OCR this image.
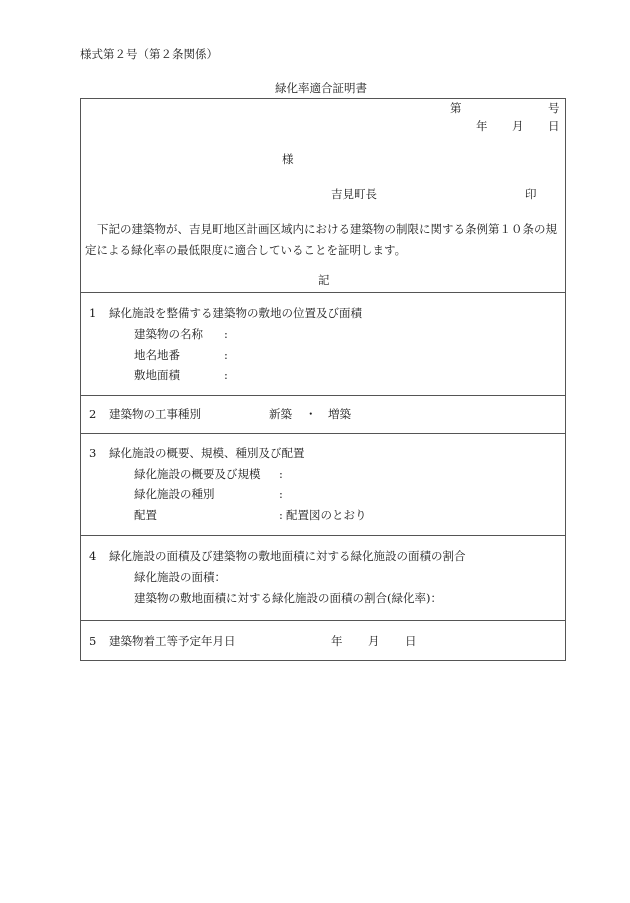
様式第２号（第２条関係）
緑化率適合証明書
第	号
年 月 日
様
吉見町長	印
下記の建築物が、吉見町地区計画区域内における建築物の制限に関する条例第１０条の規定による緑化率の最低限度に適合していることを証明します。
記
1 緑化施設を整備する建築物の敷地の位置及び面積
建築物の名称 :
地名地番	:
敷地面積	:
2 建築物の工事種別	新築 ・ 増築
3 緑化施設の概要、規模、種別及び配置
緑化施設の概要及び規模 :
緑化施設の種別	:
配置	: 配置図のとおり
4 緑化施設の面積及び建築物の敷地面積に対する緑化施設の面積の割合
緑化施設の面積：
建築物の敷地面積に対する緑化施設の面積の割合(緑化率)：
5 建築物着工等予定年月日	年 月 日
